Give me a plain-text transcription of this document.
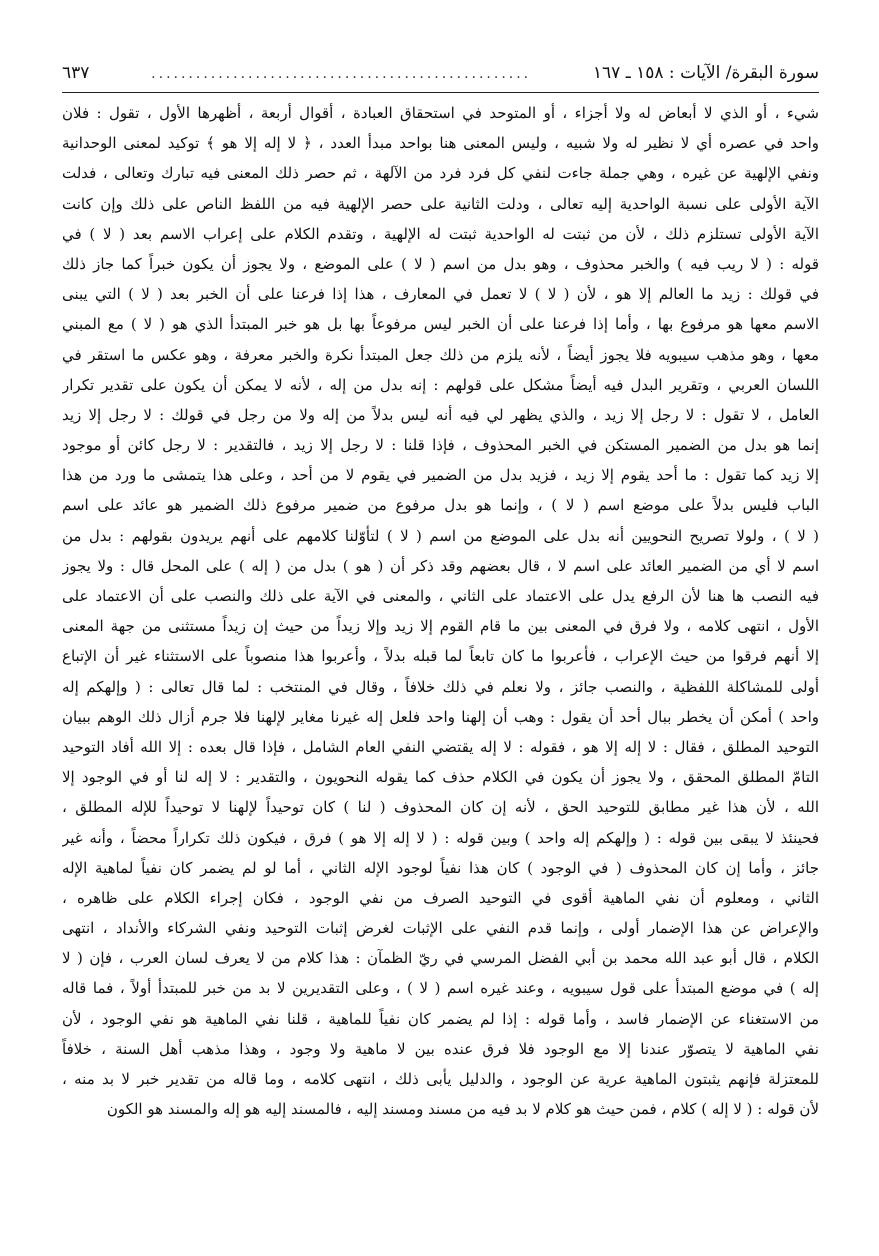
سورة البقرة/ الآيات : ١٥٨ ـ ١٦٧
...................................................
٦٣٧
شيء ، أو الذي لا أبعاض له ولا أجزاء ، أو المتوحد في استحقاق العبادة ، أقوال أربعة ، أظهرها الأول ، تقول : فلان
واحد في عصره أي لا نظير له ولا شبيه ، وليس المعنى هنا بواحد مبدأ العدد ، ﴿ لا إله إلا هو ﴾ توكيد لمعنى الوحدانية
ونفي الإلهية عن غيره ، وهي جملة جاءت لنفي كل فرد فرد من الآلهة ، ثم حصر ذلك المعنى فيه تبارك وتعالى ، فدلت
الآية الأولى على نسبة الواحدية إليه تعالى ، ودلت الثانية على حصر الإلهية فيه من اللفظ الناص على ذلك وإن كانت
الآية الأولى تستلزم ذلك ، لأن من ثبتت له الواحدية ثبتت له الإلهية ، وتقدم الكلام على إعراب الاسم بعد ( لا ) في
قوله : ( لا ريب فيه ) والخبر محذوف ، وهو بدل من اسم ( لا ) على الموضع ، ولا يجوز أن يكون خبراً كما جاز ذلك
في قولك : زيد ما العالم إلا هو ، لأن ( لا ) لا تعمل في المعارف ، هذا إذا فرعنا على أن الخبر بعد ( لا ) التي يبنى
الاسم معها هو مرفوع بها ، وأما إذا فرعنا على أن الخبر ليس مرفوعاً بها بل هو خبر المبتدأ الذي هو ( لا ) مع المبني
معها ، وهو مذهب سيبويه فلا يجوز أيضاً ، لأنه يلزم من ذلك جعل المبتدأ نكرة والخبر معرفة ، وهو عكس ما استقر في
اللسان العربي ، وتقرير البدل فيه أيضاً مشكل على قولهم : إنه بدل من إله ، لأنه لا يمكن أن يكون على تقدير تكرار
العامل ، لا تقول : لا رجل إلا زيد ، والذي يظهر لي فيه أنه ليس بدلاً من إله ولا من رجل في قولك : لا رجل إلا زيد
إنما هو بدل من الضمير المستكن في الخبر المحذوف ، فإذا قلنا : لا رجل إلا زيد ، فالتقدير : لا رجل كائن أو موجود
إلا زيد كما تقول : ما أحد يقوم إلا زيد ، فزيد بدل من الضمير في يقوم لا من أحد ، وعلى هذا يتمشى ما ورد من هذا
الباب فليس بدلاً على موضع اسم ( لا ) ، وإنما هو بدل مرفوع من ضمير مرفوع ذلك الضمير هو عائد على اسم
( لا ) ، ولولا تصريح النحويين أنه بدل على الموضع من اسم ( لا ) لتأوّلنا كلامهم على أنهم يريدون بقولهم : بدل من
اسم لا أي من الضمير العائد على اسم لا ، قال بعضهم وقد ذكر أن ( هو ) بدل من ( إله ) على المحل قال : ولا يجوز
فيه النصب ها هنا لأن الرفع يدل على الاعتماد على الثاني ، والمعنى في الآية على ذلك والنصب على أن الاعتماد على
الأول ، انتهى كلامه ، ولا فرق في المعنى بين ما قام القوم إلا زيد وإلا زيداً من حيث إن زيداً مستثنى من جهة المعنى
إلا أنهم فرقوا من حيث الإعراب ، فأعربوا ما كان تابعاً لما قبله بدلاً ، وأعربوا هذا منصوباً على الاستثناء غير أن الإتباع
أولى للمشاكلة اللفظية ، والنصب جائز ، ولا نعلم في ذلك خلافاً ، وقال في المنتخب : لما قال تعالى : ( وإلهكم إله
واحد ) أمكن أن يخطر ببال أحد أن يقول : وهب أن إلهنا واحد فلعل إله غيرنا مغاير لإلهنا فلا جرم أزال ذلك الوهم ببيان
التوحيد المطلق ، فقال : لا إله إلا هو ، فقوله : لا إله يقتضي النفي العام الشامل ، فإذا قال بعده : إلا الله أفاد التوحيد
التامّ المطلق المحقق ، ولا يجوز أن يكون في الكلام حذف كما يقوله النحويون ، والتقدير : لا إله لنا أو في الوجود إلا
الله ، لأن هذا غير مطابق للتوحيد الحق ، لأنه إن كان المحذوف ( لنا ) كان توحيداً لإلهنا لا توحيداً للإله المطلق ،
فحينئذ لا يبقى بين قوله : ( وإلهكم إله واحد ) وبين قوله : ( لا إله إلا هو ) فرق ، فيكون ذلك تكراراً محضاً ، وأنه غير
جائز ، وأما إن كان المحذوف ( في الوجود ) كان هذا نفياً لوجود الإله الثاني ، أما لو لم يضمر كان نفياً لماهية الإله
الثاني ، ومعلوم أن نفي الماهية أقوى في التوحيد الصرف من نفي الوجود ، فكان إجراء الكلام على ظاهره ،
والإعراض عن هذا الإضمار أولى ، وإنما قدم النفي على الإثبات لغرض إثبات التوحيد ونفي الشركاء والأنداد ، انتهى
الكلام ، قال أبو عبد الله محمد بن أبي الفضل المرسي في ريّ الظمآن : هذا كلام من لا يعرف لسان العرب ، فإن ( لا
إله ) في موضع المبتدأ على قول سيبويه ، وعند غيره اسم ( لا ) ، وعلى التقديرين لا بد من خبر للمبتدأ أولاً ، فما قاله
من الاستغناء عن الإضمار فاسد ، وأما قوله : إذا لم يضمر كان نفياً للماهية ، قلنا نفي الماهية هو نفي الوجود ، لأن
نفي الماهية لا يتصوّر عندنا إلا مع الوجود فلا فرق عنده بين لا ماهية ولا وجود ، وهذا مذهب أهل السنة ، خلافاً
للمعتزلة فإنهم يثبتون الماهية عرية عن الوجود ، والدليل يأبى ذلك ، انتهى كلامه ، وما قاله من تقدير خبر لا بد منه ،
لأن قوله : ( لا إله ) كلام ، فمن حيث هو كلام لا بد فيه من مسند ومسند إليه ، فالمسند إليه هو إله والمسند هو الكون
